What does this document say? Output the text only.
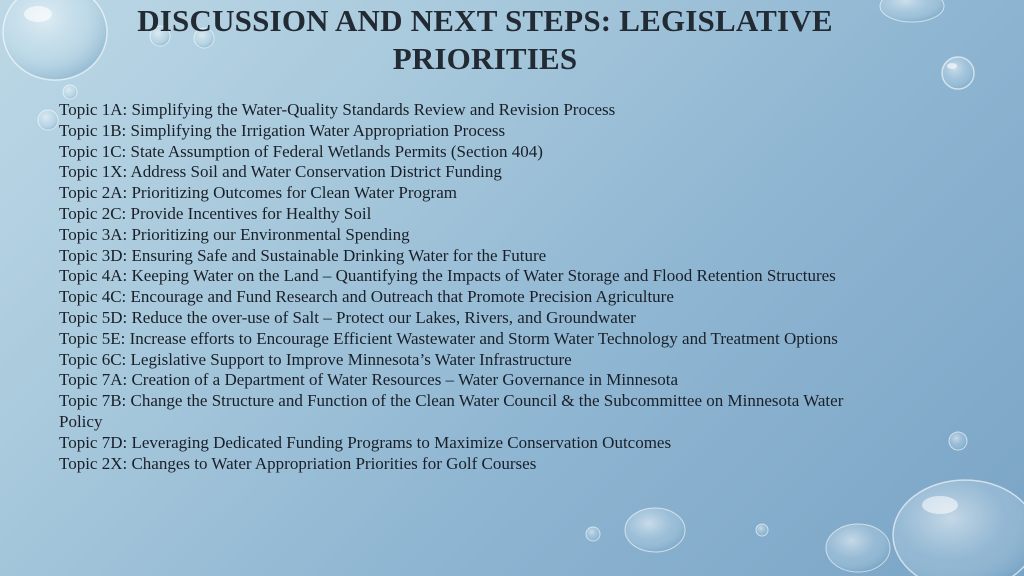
DISCUSSION AND NEXT STEPS: LEGISLATIVE
PRIORITIES
Topic 1A: Simplifying the Water-Quality Standards Review and Revision Process
Topic 1B: Simplifying the Irrigation Water Appropriation Process
Topic 1C: State Assumption of Federal Wetlands Permits (Section 404)
Topic 1X: Address Soil and Water Conservation District Funding
Topic 2A: Prioritizing Outcomes for Clean Water Program
Topic 2C: Provide Incentives for Healthy Soil
Topic 3A: Prioritizing our Environmental Spending
Topic 3D: Ensuring Safe and Sustainable Drinking Water for the Future
Topic 4A: Keeping Water on the Land – Quantifying the Impacts of Water Storage and Flood Retention Structures
Topic 4C: Encourage and Fund Research and Outreach that Promote Precision Agriculture
Topic 5D: Reduce the over-use of Salt – Protect our Lakes, Rivers, and Groundwater
Topic 5E: Increase efforts to Encourage Efficient Wastewater and Storm Water Technology and Treatment Options
Topic 6C: Legislative Support to Improve Minnesota’s Water Infrastructure
Topic 7A: Creation of a Department of Water Resources – Water Governance in Minnesota
Topic 7B: Change the Structure and Function of the Clean Water Council & the Subcommittee on Minnesota Water Policy
Topic 7D: Leveraging Dedicated Funding Programs to Maximize Conservation Outcomes
Topic 2X: Changes to Water Appropriation Priorities for Golf Courses
